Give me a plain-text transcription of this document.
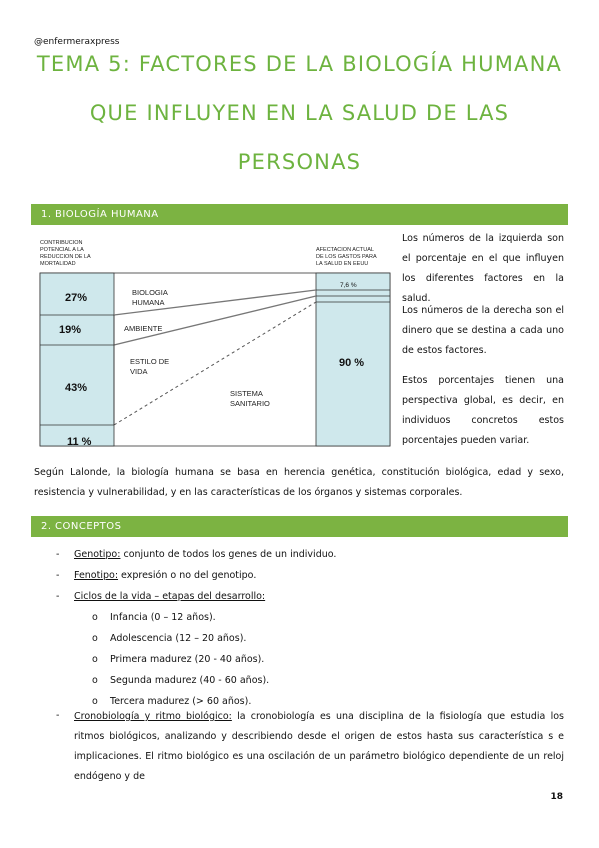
@enfermeraxpress
TEMA 5: FACTORES DE LA BIOLOGÍA HUMANA
QUE INFLUYEN EN LA SALUD DE LAS
PERSONAS
1. BIOLOGÍA HUMANA
CONTRIBUCION
POTENCIAL A LA
REDUCCION DE LA
MORTALIDAD
AFECTACION ACTUAL
DE LOS GASTOS PARA
LA SALUD EN EEUU
27%
19%
43%
11 %
7,6 %
90 %
BIOLOGIA
HUMANA
AMBIENTE
ESTILO DE
VIDA
SISTEMA
SANITARIO
Los números de la izquierda son el porcentaje en el que influyen los diferentes factores en la salud.
Los números de la derecha son el dinero que se destina a cada uno de estos factores.
Estos porcentajes tienen una perspectiva global, es decir, en individuos concretos estos porcentajes pueden variar.
Según Lalonde, la biología humana se basa en herencia genética, constitución biológica, edad y sexo, resistencia y vulnerabilidad, y en las características de los órganos y sistemas corporales.
2. CONCEPTOS
- Genotipo: conjunto de todos los genes de un individuo.
- Fenotipo: expresión o no del genotipo.
- Ciclos de la vida – etapas del desarrollo:
o Infancia (0 – 12 años).
o Adolescencia (12 – 20 años).
o Primera madurez (20 - 40 años).
o Segunda madurez (40 - 60 años).
o Tercera madurez (> 60 años).
- Cronobiología y ritmo biológico: la cronobiología es una disciplina de la fisiología que estudia los ritmos biológicos, analizando y describiendo desde el origen de estos hasta sus característica s e implicaciones. El ritmo biológico es una oscilación de un parámetro biológico dependiente de un reloj endógeno y de
18
